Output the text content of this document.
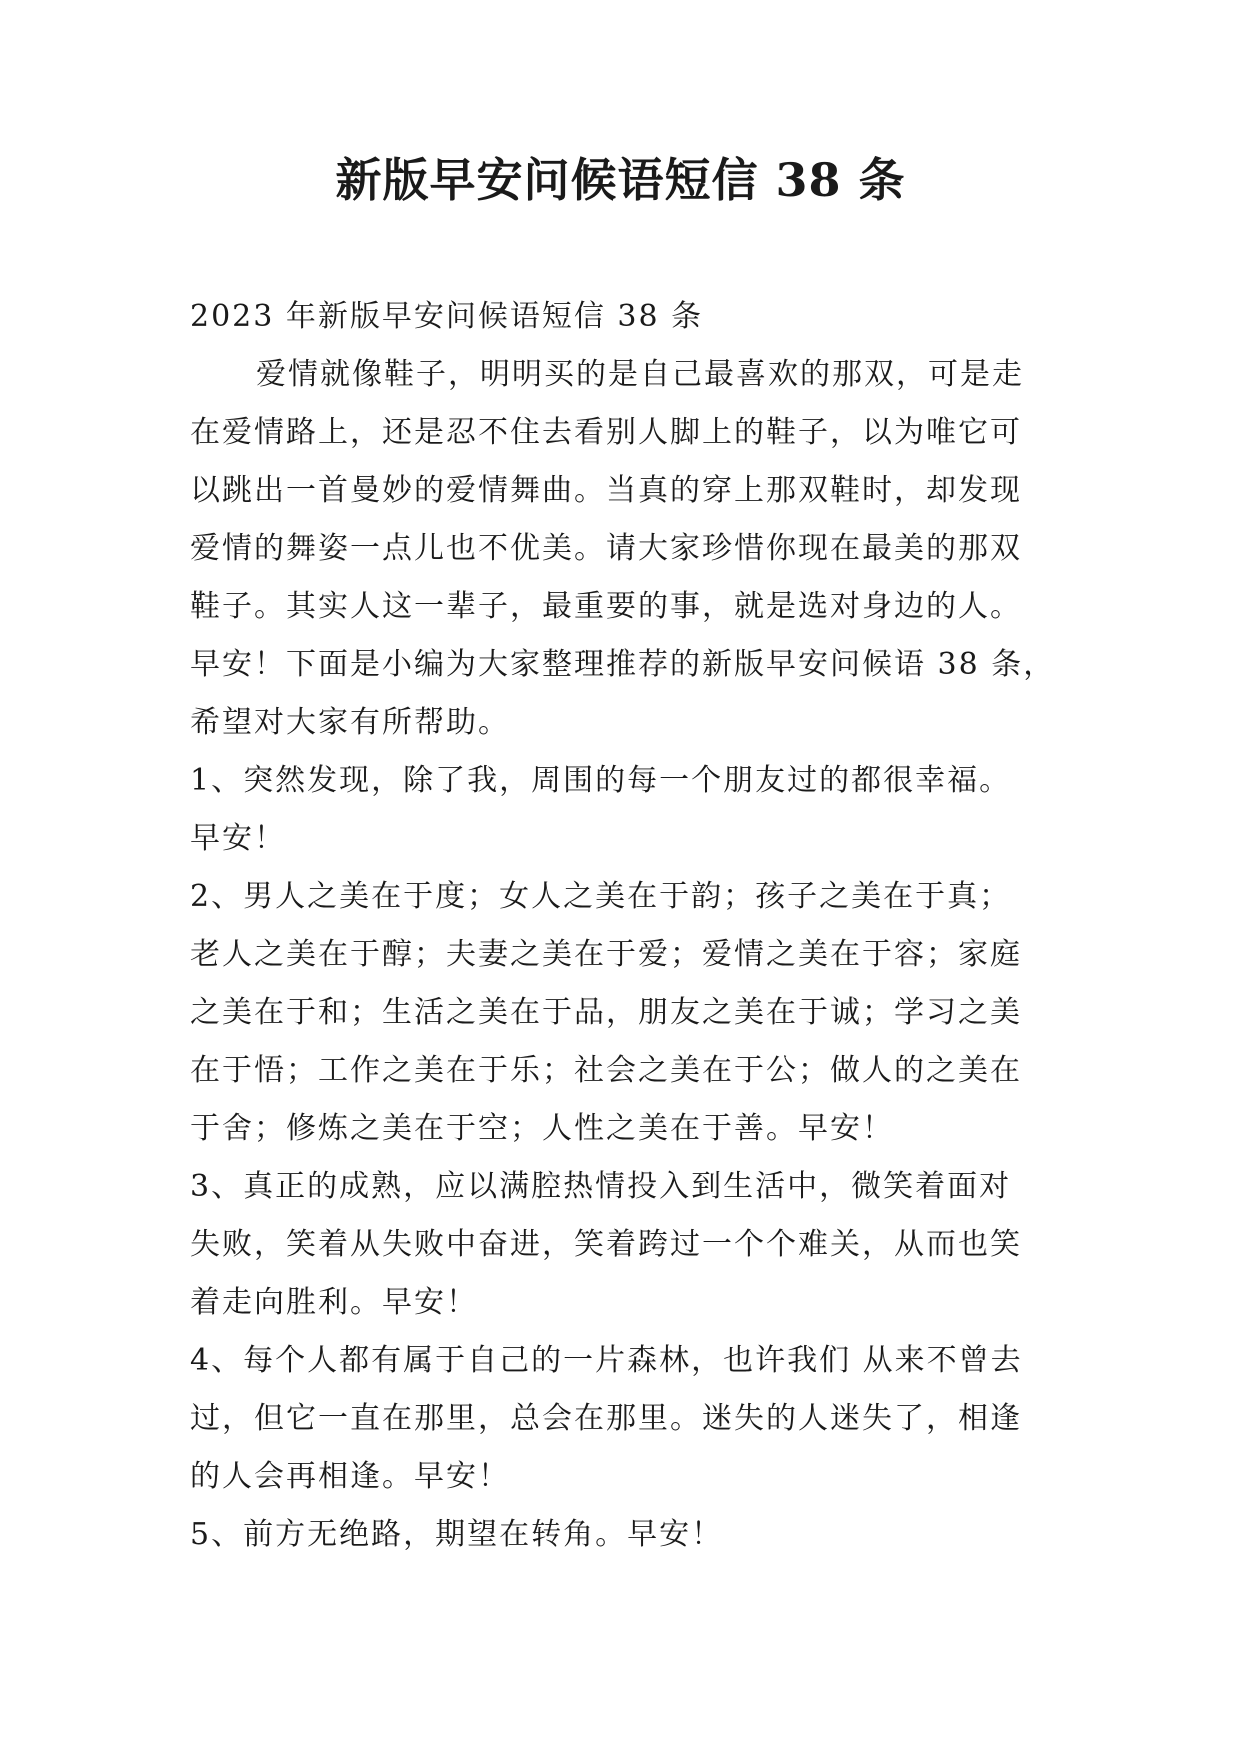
新版早安问候语短信 38 条

2023 年新版早安问候语短信 38 条

爱情就像鞋子，明明买的是自己最喜欢的那双，可是走

在爱情路上，还是忍不住去看别人脚上的鞋子，以为唯它可

以跳出一首曼妙的爱情舞曲。当真的穿上那双鞋时，却发现

爱情的舞姿一点儿也不优美。请大家珍惜你现在最美的那双

鞋子。其实人这一辈子，最重要的事，就是选对身边的人。

早安！下面是小编为大家整理推荐的新版早安问候语 38 条，

希望对大家有所帮助。

1、突然发现，除了我，周围的每一个朋友过的都很幸福。

早安！

2、男人之美在于度；女人之美在于韵；孩子之美在于真；

老人之美在于醇；夫妻之美在于爱；爱情之美在于容；家庭

之美在于和；生活之美在于品，朋友之美在于诚；学习之美

在于悟；工作之美在于乐；社会之美在于公；做人的之美在

于舍；修炼之美在于空；人性之美在于善。早安！

3、真正的成熟，应以满腔热情投入到生活中，微笑着面对

失败，笑着从失败中奋进，笑着跨过一个个难关，从而也笑

着走向胜利。早安！

4、每个人都有属于自己的一片森林，也许我们 从来不曾去

过，但它一直在那里，总会在那里。迷失的人迷失了，相逢

的人会再相逢。早安！

5、前方无绝路，期望在转角。早安！
